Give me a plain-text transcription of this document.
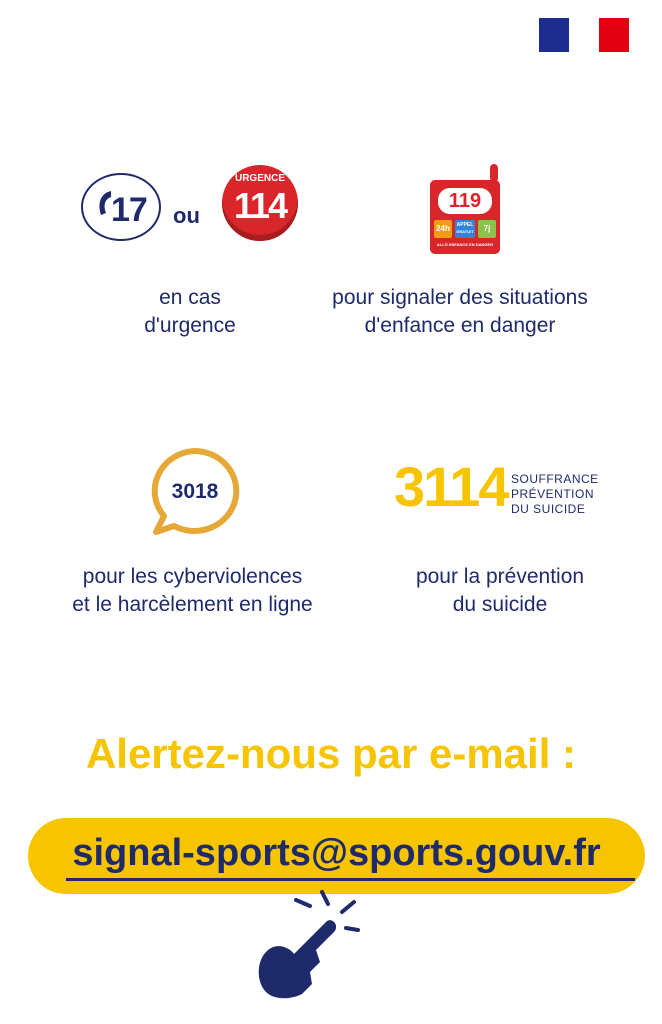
17 ou
URGENCE
114
en cas
d'urgence
119
24h	APPEL
GRATUIT	7j
ALLÔ ENFANCE EN DANGER
pour signaler des situations
d'enfance en danger
3018
pour les cyberviolences
et le harcèlement en ligne
3114 SOUFFRANCE
PRÉVENTION
DU SUICIDE
pour la prévention
du suicide
Alertez-nous par e-mail :
signal-sports@sports.gouv.fr
